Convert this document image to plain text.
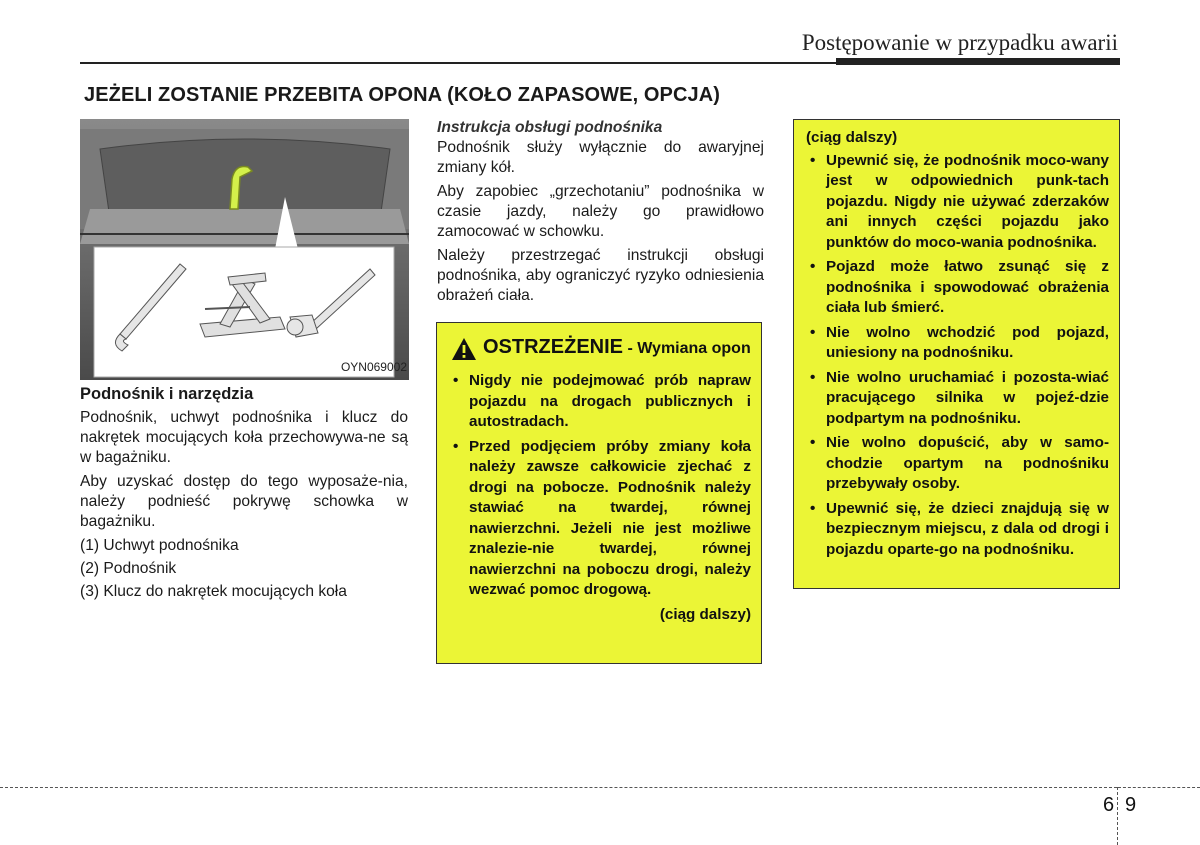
Postępowanie w przypadku awarii
JEŻELI ZOSTANIE PRZEBITA OPONA (KOŁO ZAPASOWE, OPCJA)
OYN069002
Podnośnik i narzędzia

Podnośnik, uchwyt podnośnika i klucz do nakrętek mocujących koła przechowywa-ne są w bagażniku.

Aby uzyskać dostęp do tego wyposaże-nia, należy podnieść pokrywę schowka w bagażniku.

(1) Uchwyt podnośnika
(2) Podnośnik
(3) Klucz do nakrętek mocujących koła
Instrukcja obsługi podnośnika

Podnośnik służy wyłącznie do awaryjnej zmiany kół.

Aby zapobiec „grzechotaniu” podnośnika w czasie jazdy, należy go prawidłowo zamocować w schowku.

Należy przestrzegać instrukcji obsługi podnośnika, aby ograniczyć ryzyko odniesienia obrażeń ciała.

OSTRZEŻENIE - Wymiana opon
• Nigdy nie podejmować prób napraw pojazdu na drogach publicznych i autostradach.
• Przed podjęciem próby zmiany koła należy zawsze całkowicie zjechać z drogi na pobocze. Podnośnik należy stawiać na twardej, równej nawierzchni. Jeżeli nie jest możliwe znalezie-nie twardej, równej nawierzchni na poboczu drogi, należy wezwać pomoc drogową.
(ciąg dalszy)
(ciąg dalszy)
• Upewnić się, że podnośnik moco-wany jest w odpowiednich punk-tach pojazdu. Nigdy nie używać zderzaków ani innych części pojazdu jako punktów do moco-wania podnośnika.
• Pojazd może łatwo zsunąć się z podnośnika i spowodować obrażenia ciała lub śmierć.
• Nie wolno wchodzić pod pojazd, uniesiony na podnośniku.
• Nie wolno uruchamiać i pozosta-wiać pracującego silnika w pojeź-dzie podpartym na podnośniku.
• Nie wolno dopuścić, aby w samo-chodzie opartym na podnośniku przebywały osoby.
• Upewnić się, że dzieci znajdują się w bezpiecznym miejscu, z dala od drogi i pojazdu oparte-go na podnośniku.
6 9
